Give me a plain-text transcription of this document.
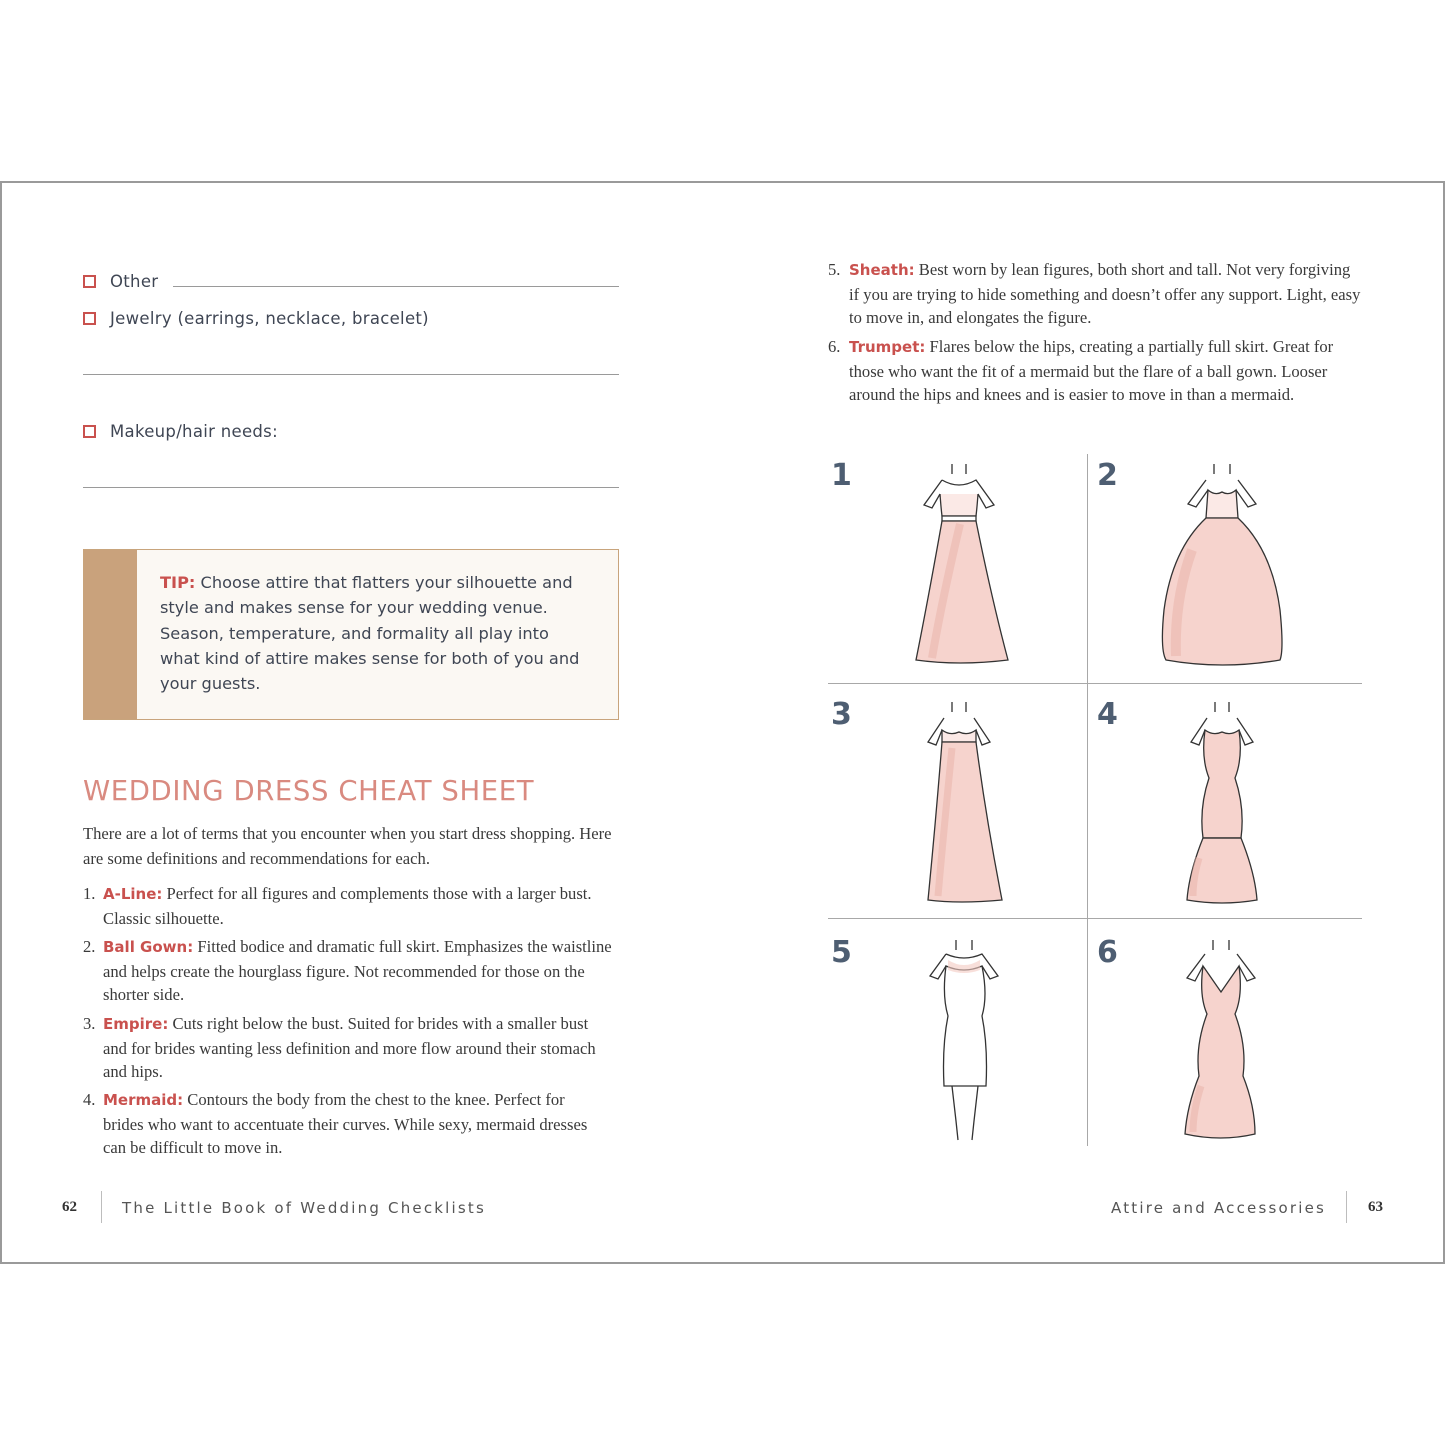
Other
Jewelry (earrings, necklace, bracelet)
Makeup/hair needs:
TIP: Choose attire that flatters your silhouette and style and makes sense for your wedding venue. Season, temperature, and formality all play into what kind of attire makes sense for both of you and your guests.
WEDDING DRESS CHEAT SHEET
There are a lot of terms that you encounter when you start dress shopping. Here are some definitions and recommendations for each.
1. A-Line: Perfect for all figures and complements those with a larger bust. Classic silhouette.
2. Ball Gown: Fitted bodice and dramatic full skirt. Emphasizes the waistline and helps create the hourglass figure. Not recommended for those on the shorter side.
3. Empire: Cuts right below the bust. Suited for brides with a smaller bust and for brides wanting less definition and more flow around their stomach and hips.
4. Mermaid: Contours the body from the chest to the knee. Perfect for brides who want to accentuate their curves. While sexy, mermaid dresses can be difficult to move in.
62	The Little Book of Wedding Checklists
5. Sheath: Best worn by lean figures, both short and tall. Not very forgiving if you are trying to hide something and doesn’t offer any support. Light, easy to move in, and elongates the figure.
6. Trumpet: Flares below the hips, creating a partially full skirt. Great for those who want the fit of a mermaid but the flare of a ball gown. Looser around the hips and knees and is easier to move in than a mermaid.
1	2
3	4
5	6
Attire and Accessories	63
